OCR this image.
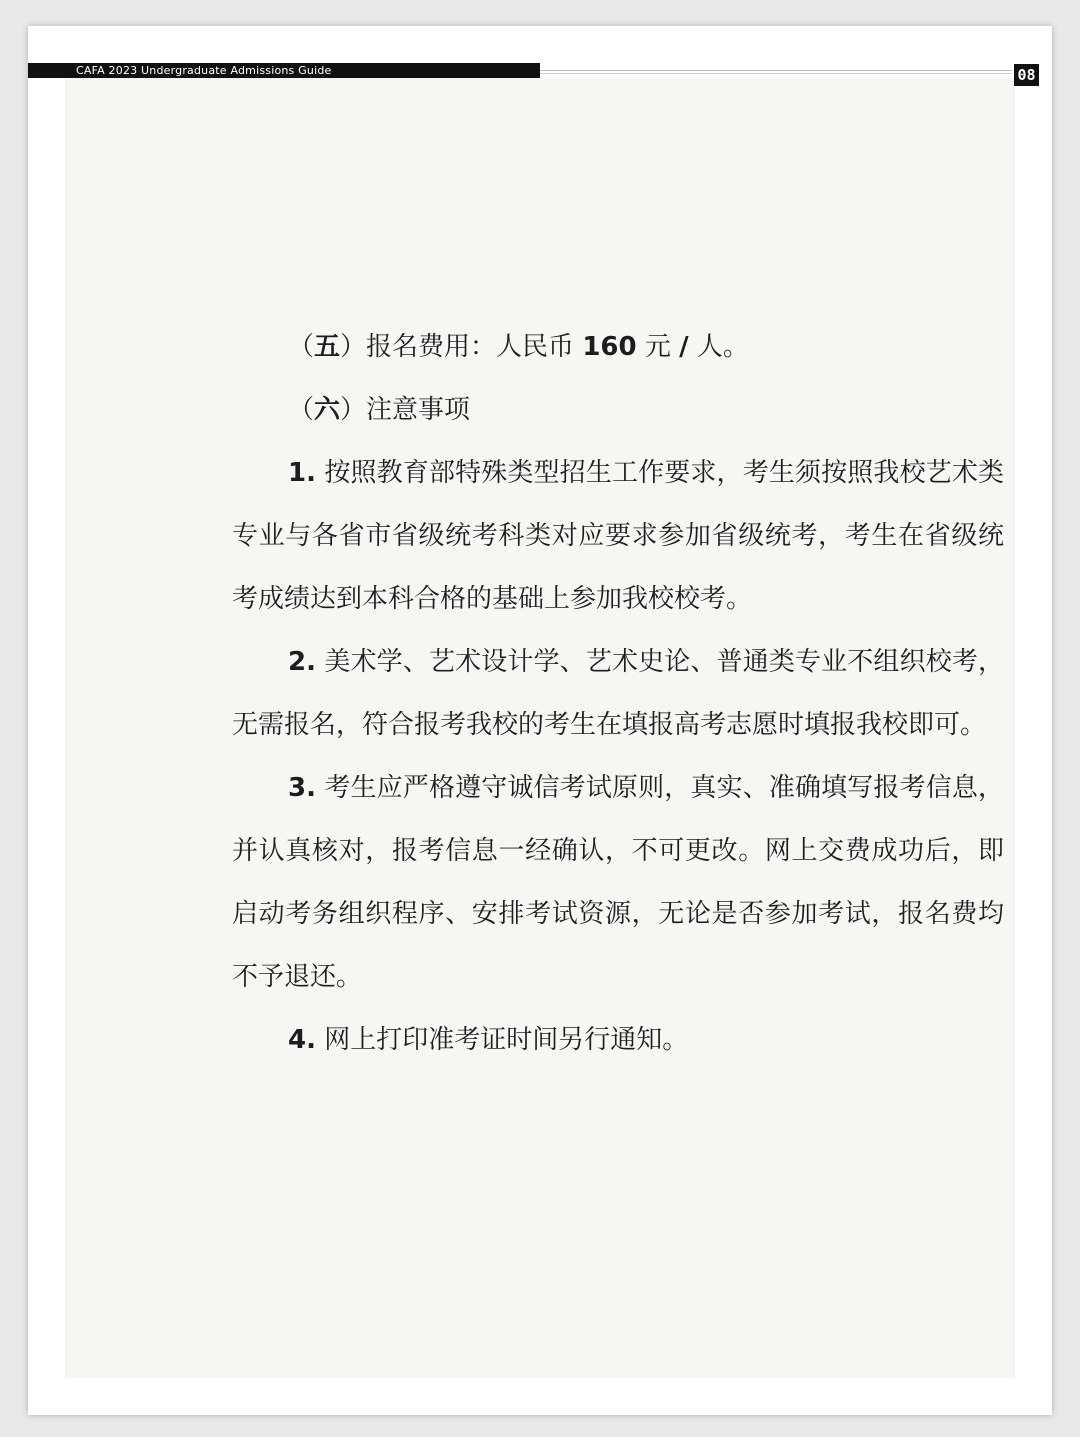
CAFA 2023 Undergraduate Admissions Guide	08

（五）报名费用：人民币 160 元 / 人。

（六）注意事项

1. 按照教育部特殊类型招生工作要求，考生须按照我校艺术类专业与各省市省级统考科类对应要求参加省级统考，考生在省级统考成绩达到本科合格的基础上参加我校校考。

2. 美术学、艺术设计学、艺术史论、普通类专业不组织校考，无需报名，符合报考我校的考生在填报高考志愿时填报我校即可。

3. 考生应严格遵守诚信考试原则，真实、准确填写报考信息，并认真核对，报考信息一经确认，不可更改。网上交费成功后，即启动考务组织程序、安排考试资源，无论是否参加考试，报名费均不予退还。

4. 网上打印准考证时间另行通知。
